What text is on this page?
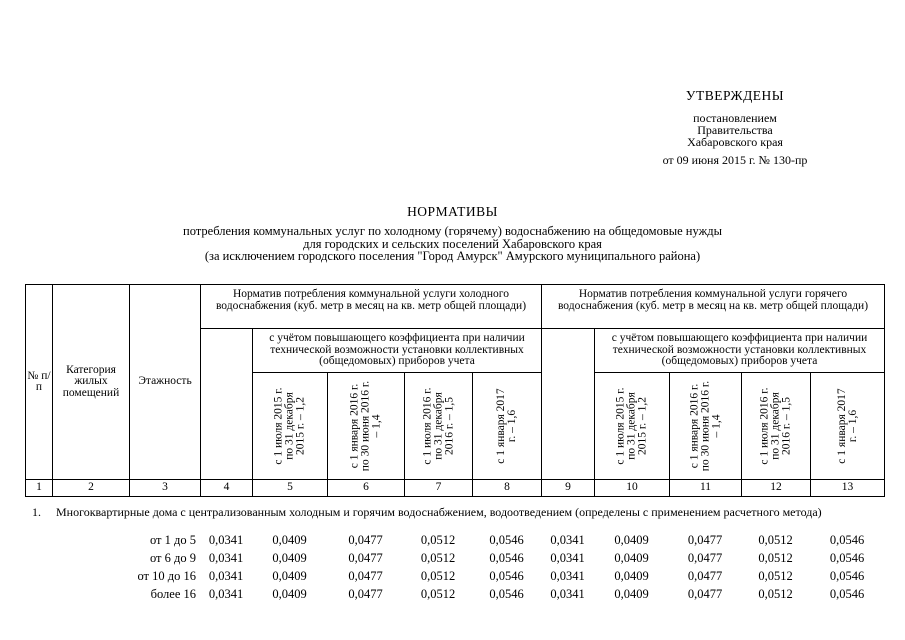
УТВЕРЖДЕНЫ
постановлением
Правительства
Хабаровского края
от 09 июня 2015 г. № 130-пр
НОРМАТИВЫ
потребления коммунальных услуг по холодному (горячему) водоснабжению на общедомовые нужды
для городских и сельских поселений Хабаровского края
(за исключением городского поселения "Город Амурск" Амурского муниципального района)
№ п/п	Категория жилых помещений	Этажность	Норматив потребления коммунальной услуги холодного водоснабжения (куб. метр в месяц на кв. метр общей площади)					Норматив потребления коммунальной услуги горячего водоснабжения (куб. метр в месяц на кв. метр общей площади)				
				с учётом повышающего коэффициента при наличии технической возможности установки коллективных (общедомовых) приборов учета					с учётом повышающего коэффициента при наличии технической возможности установки коллективных (общедомовых) приборов учета			

				с 1 июля 2015 г. по 31 декабря 2015 г. – 1,2	с 1 января 2016 г. по 30 июня 2016 г. – 1,4	с 1 июля 2016 г. по 31 декабря 2016 г. – 1,5	с 1 января 2017 г. – 1,6		с 1 июля 2015 г. по 31 декабря 2015 г. – 1,2	с 1 января 2016 г. по 30 июня 2016 г. – 1,4	с 1 июля 2016 г. по 31 декабря 2016 г. – 1,5	с 1 января 2017 г. – 1,6

1	2	3	4	5	6	7	8	9	10	11	12	13
1. Многоквартирные дома с централизованным холодным и горячим водоснабжением, водоотведением (определены с применением расчетного метода)
		от 1 до 5	0,0341	0,0409	0,0477	0,0512	0,0546	0,0341	0,0409	0,0477	0,0512	0,0546
		от 6 до 9	0,0341	0,0409	0,0477	0,0512	0,0546	0,0341	0,0409	0,0477	0,0512	0,0546
		от 10 до 16	0,0341	0,0409	0,0477	0,0512	0,0546	0,0341	0,0409	0,0477	0,0512	0,0546
		более 16	0,0341	0,0409	0,0477	0,0512	0,0546	0,0341	0,0409	0,0477	0,0512	0,0546
